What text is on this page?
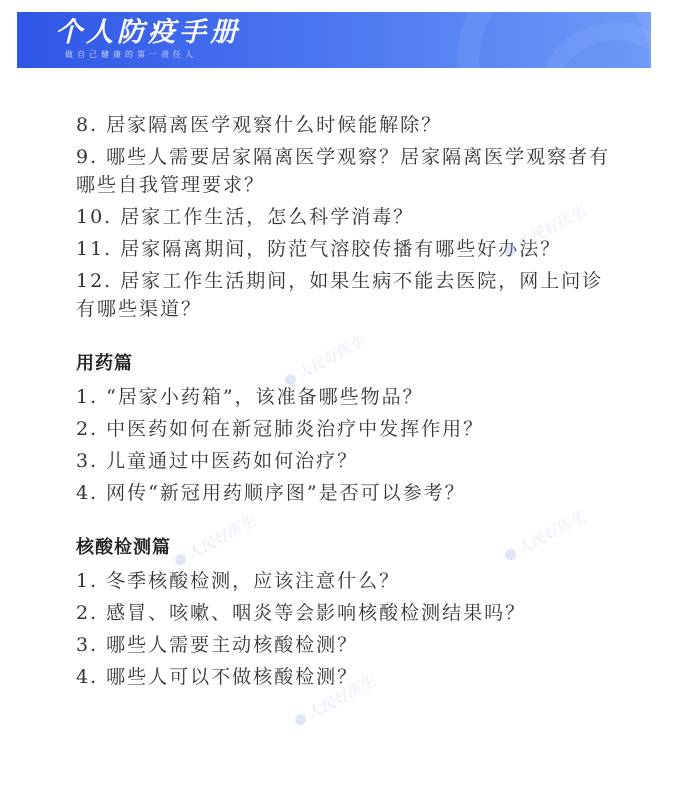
个人防疫手册
做自己健康的第一责任人

8. 居家隔离医学观察什么时候能解除？

9. 哪些人需要居家隔离医学观察？居家隔离医学观察者有哪些自我管理要求？

10. 居家工作生活，怎么科学消毒？

11. 居家隔离期间，防范气溶胶传播有哪些好办法？

12. 居家工作生活期间，如果生病不能去医院，网上问诊有哪些渠道？

用药篇

1. “居家小药箱”，该准备哪些物品？

2. 中医药如何在新冠肺炎治疗中发挥作用？

3. 儿童通过中医药如何治疗？

4. 网传“新冠用药顺序图”是否可以参考？

核酸检测篇

1. 冬季核酸检测，应该注意什么？

2. 感冒、咳嗽、咽炎等会影响核酸检测结果吗？

3. 哪些人需要主动核酸检测？

4. 哪些人可以不做核酸检测？

人民好医生
人民好医生
人民好医生
人民好医生
人民好医生
